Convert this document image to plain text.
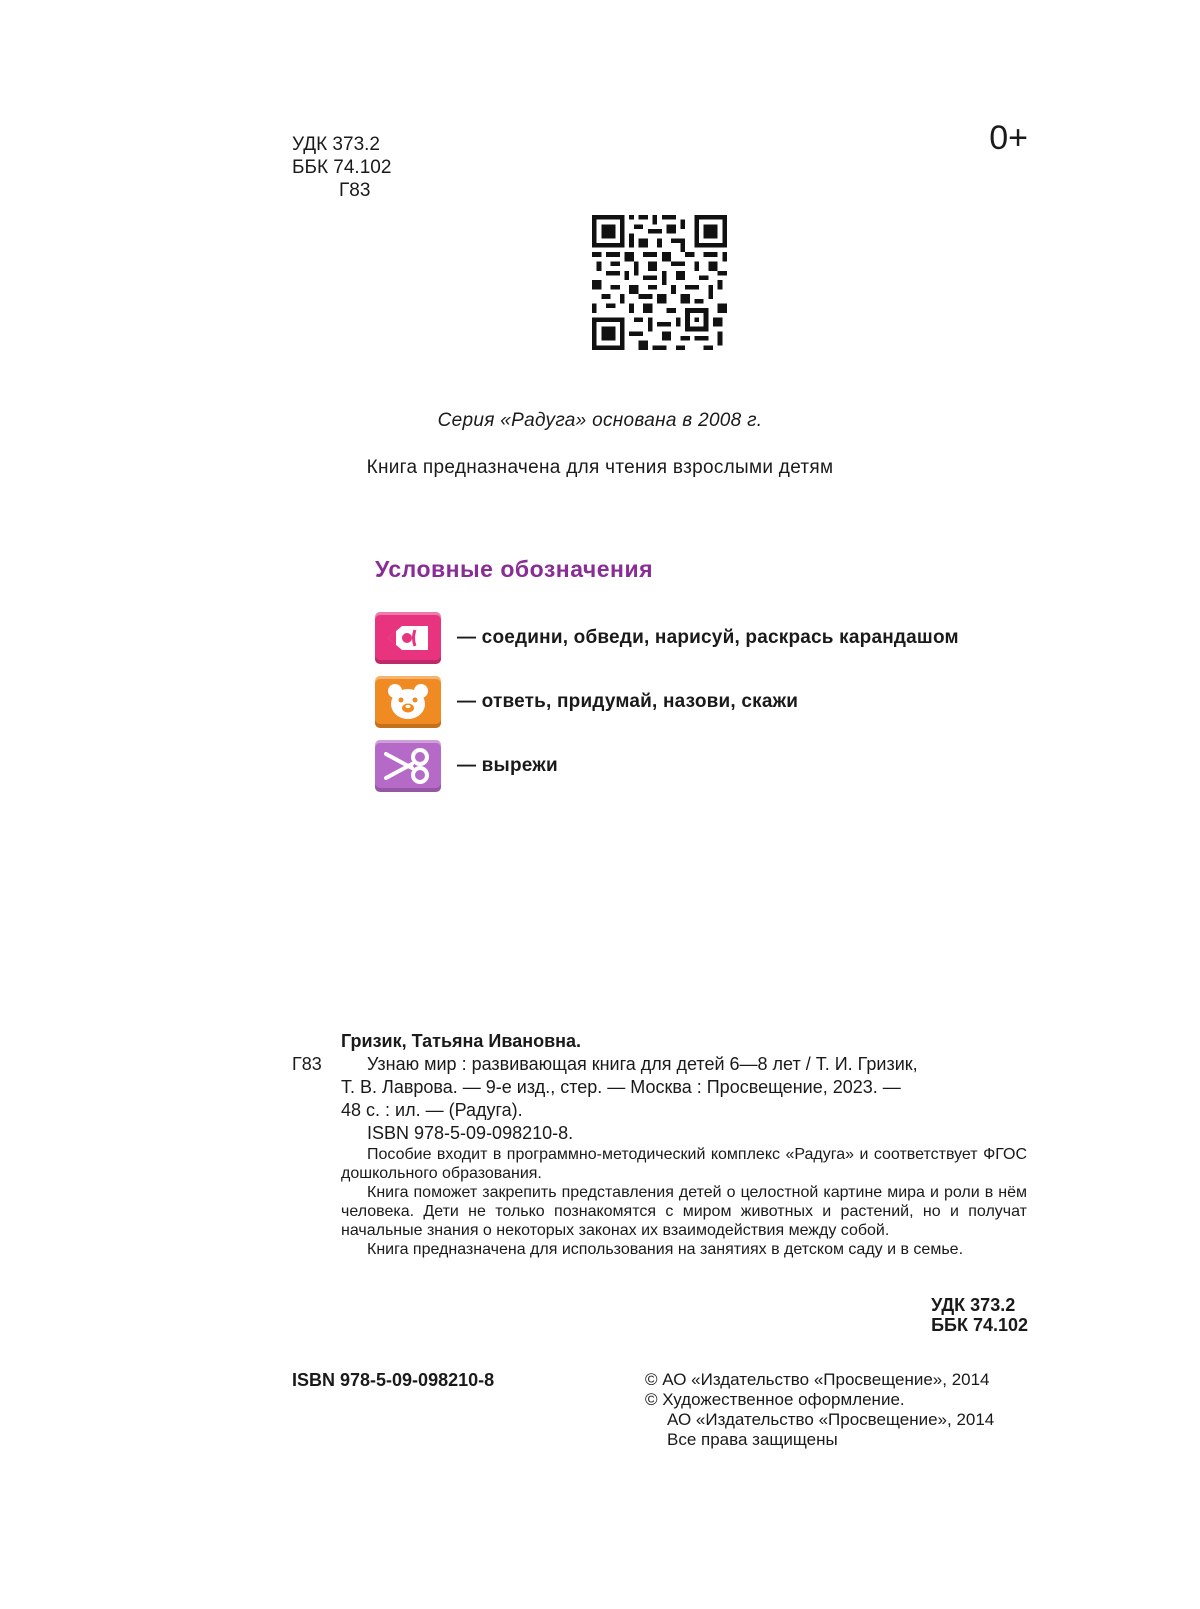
УДК 373.2
ББК 74.102
Г83
0+
Серия «Радуга» основана в 2008 г.
Книга предназначена для чтения взрослыми детям
Условные обозначения
— соедини, обведи, нарисуй, раскрась карандашом
— ответь, придумай, назови, скажи
— вырежи
Гризик, Татьяна Ивановна.
Г83	Узнаю мир : развивающая книга для детей 6—8 лет / Т. И. Гризик,
Т. В. Лаврова. — 9-е изд., стер. — Москва : Просвещение, 2023. —
48 с. : ил. — (Радуга).
ISBN 978-5-09-098210-8.
Пособие входит в программно-методический комплекс «Радуга» и соответствует ФГОС дошкольного образования.
Книга поможет закрепить представления детей о целостной картине мира и роли в нём человека. Дети не только познакомятся с миром животных и растений, но и получат начальные знания о некоторых законах их взаимодействия между собой.
Книга предназначена для использования на занятиях в детском саду и в семье.
УДК 373.2
ББК 74.102
ISBN 978-5-09-098210-8	© АО «Издательство «Просвещение», 2014
© Художественное оформление.
АО «Издательство «Просвещение», 2014
Все права защищены
